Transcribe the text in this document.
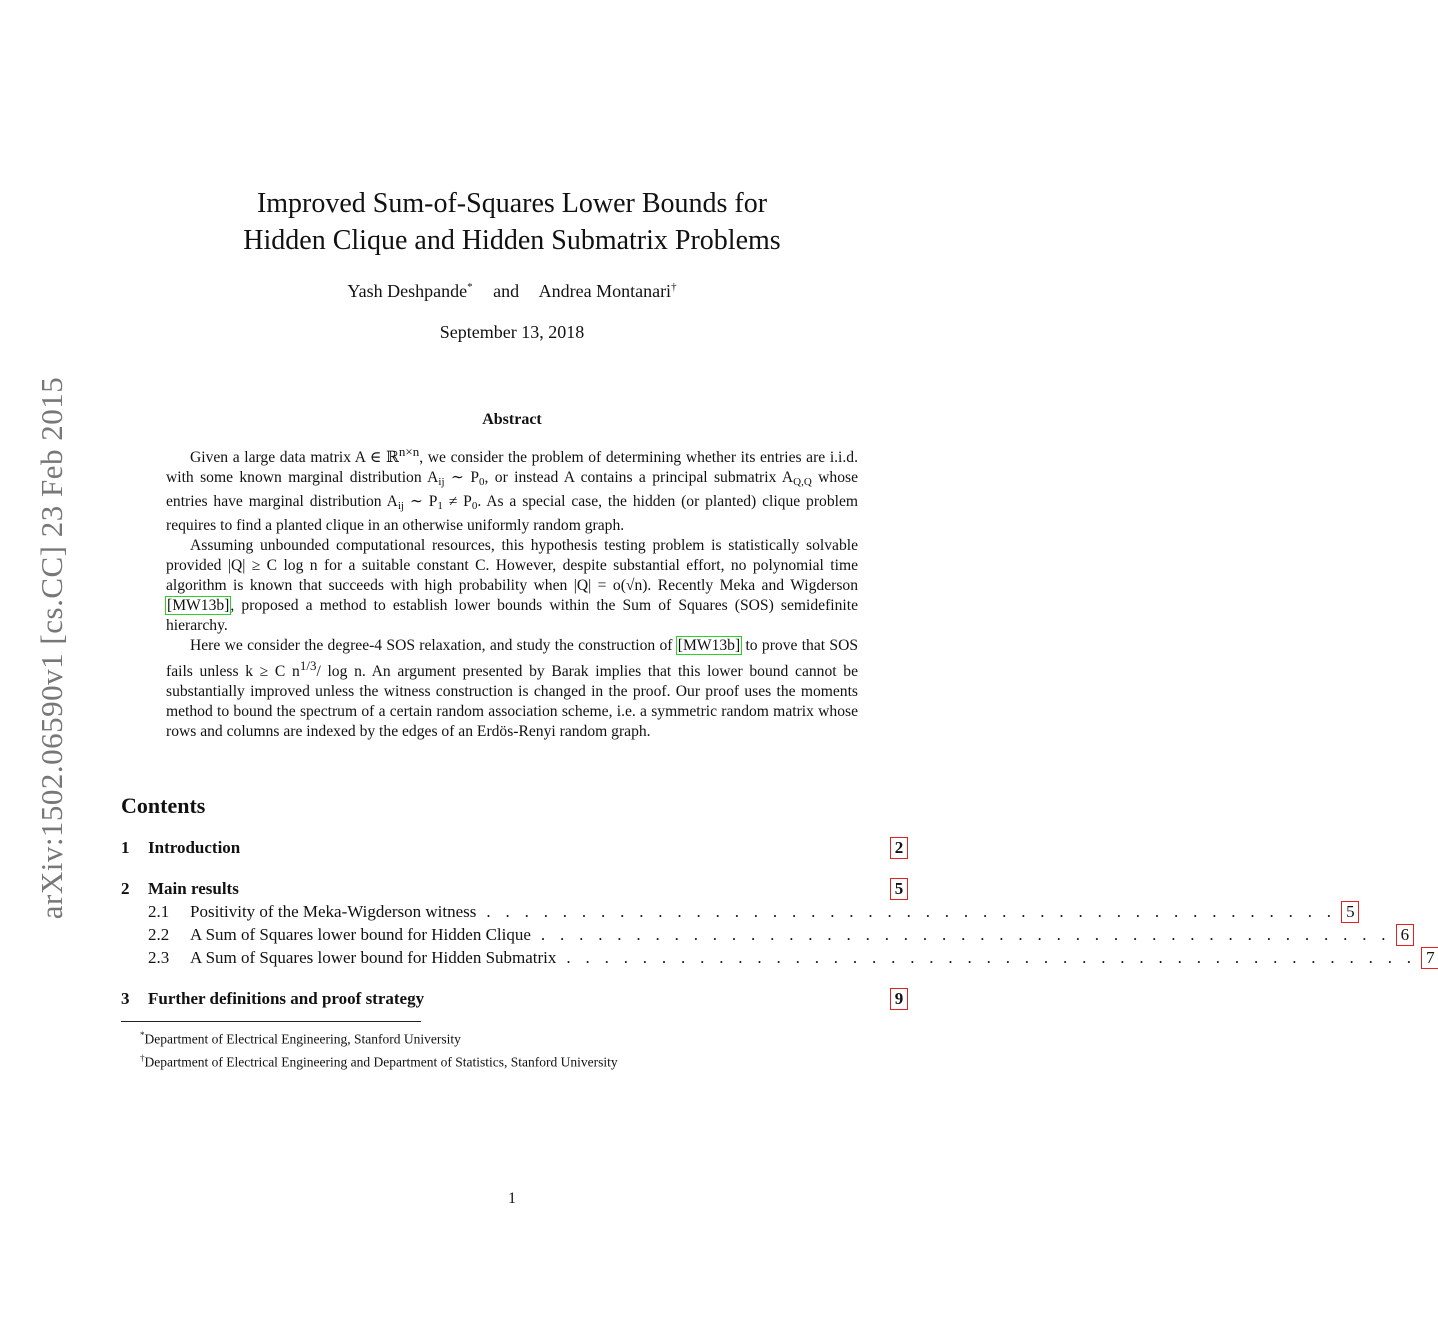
arXiv:1502.06590v1 [cs.CC] 23 Feb 2015
Improved Sum-of-Squares Lower Bounds for
Hidden Clique and Hidden Submatrix Problems
Yash Deshpande* and Andrea Montanari†
September 13, 2018
Abstract

Given a large data matrix A ∈ ℝ$^{n\times n}$, we consider the problem of determining whether its entries are i.i.d. with some known marginal distribution $A_{ij}$ ∼ $P_0$, or instead A contains a principal submatrix $A_{Q,Q}$ whose entries have marginal distribution $A_{ij}$ ∼ $P_1 \ne P_0$. As a special case, the hidden (or planted) clique problem requires to find a planted clique in an otherwise uniformly random graph.

Assuming unbounded computational resources, this hypothesis testing problem is statistically solvable provided |Q| ≥ C log n for a suitable constant C. However, despite substantial effort, no polynomial time algorithm is known that succeeds with high probability when |Q| = o(√n). Recently Meka and Wigderson [MW13b], proposed a method to establish lower bounds within the Sum of Squares (SOS) semidefinite hierarchy.

Here we consider the degree-4 SOS relaxation, and study the construction of [MW13b] to prove that SOS fails unless k ≥ C $n^{1/3}/$ log n. An argument presented by Barak implies that this lower bound cannot be substantially improved unless the witness construction is changed in the proof. Our proof uses the moments method to bound the spectrum of a certain random association scheme, i.e. a symmetric random matrix whose rows and columns are indexed by the edges of an Erdös-Renyi random graph.

Contents
1	Introduction	2
2	Main results	5
2.1	Positivity of the Meka-Wigderson witness . . . . . . . . . . . . . . . . . . . . . . . . . . . . . . . . . . . . . . . . . . . . . 5
2.2	A Sum of Squares lower bound for Hidden Clique . . . . . . . . . . . . . . . . . . . . . . . . . . . . . . . . . . . . . . . . . . . . . 6
2.3	A Sum of Squares lower bound for Hidden Submatrix . . . . . . . . . . . . . . . . . . . . . . . . . . . . . . . . . . . . . . . . . . . . . 7
3	Further definitions and proof strategy	9
*Department of Electrical Engineering, Stanford University
†Department of Electrical Engineering and Department of Statistics, Stanford University
1
